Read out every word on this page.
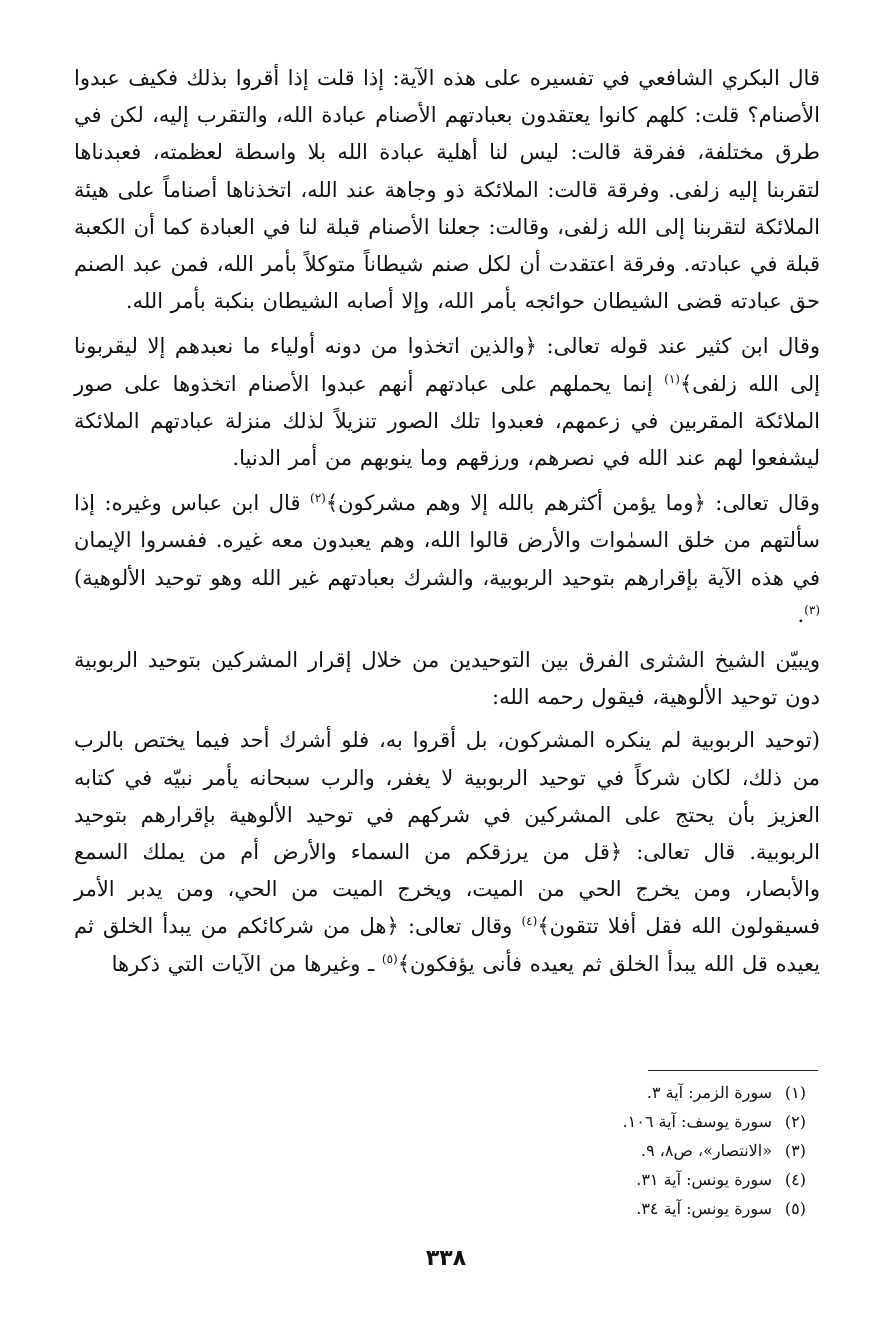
قال البكري الشافعي في تفسيره على هذه الآية: إذا قلت إذا أقروا بذلك فكيف عبدوا الأصنام؟ قلت: كلهم كانوا يعتقدون بعبادتهم الأصنام عبادة الله، والتقرب إليه، لكن في طرق مختلفة، ففرقة قالت: ليس لنا أهلية عبادة الله بلا واسطة لعظمته، فعبدناها لتقربنا إليه زلفى. وفرقة قالت: الملائكة ذو وجاهة عند الله، اتخذناها أصناماً على هيئة الملائكة لتقربنا إلى الله زلفى، وقالت: جعلنا الأصنام قبلة لنا في العبادة كما أن الكعبة قبلة في عبادته. وفرقة اعتقدت أن لكل صنم شيطاناً متوكلاً بأمر الله، فمن عبد الصنم حق عبادته قضى الشيطان حوائجه بأمر الله، وإلا أصابه الشيطان بنكبة بأمر الله.

وقال ابن كثير عند قوله تعالى: ﴿والذين اتخذوا من دونه أولياء ما نعبدهم إلا ليقربونا إلى الله زلفى﴾$^{(١)}$ إنما يحملهم على عبادتهم أنهم عبدوا الأصنام اتخذوها على صور الملائكة المقربين في زعمهم، فعبدوا تلك الصور تنزيلاً لذلك منزلة عبادتهم الملائكة ليشفعوا لهم عند الله في نصرهم، ورزقهم وما ينوبهم من أمر الدنيا.

وقال تعالى: ﴿وما يؤمن أكثرهم بالله إلا وهم مشركون﴾$^{(٢)}$ قال ابن عباس وغيره: إذا سألتهم من خلق السمٰوات والأرض قالوا الله، وهم يعبدون معه غيره. ففسروا الإيمان في هذه الآية بإقرارهم بتوحيد الربوبية، والشرك بعبادتهم غير الله وهو توحيد الألوهية)$^{(٣)}$.

ويبيّن الشيخ الشثرى الفرق بين التوحيدين من خلال إقرار المشركين بتوحيد الربوبية دون توحيد الألوهية، فيقول رحمه الله:

(توحيد الربوبية لم ينكره المشركون، بل أقروا به، فلو أشرك أحد فيما يختص بالرب من ذلك، لكان شركاً في توحيد الربوبية لا يغفر، والرب سبحانه يأمر نبيّه في كتابه العزيز بأن يحتج على المشركين في شركهم في توحيد الألوهية بإقرارهم بتوحيد الربوبية. قال تعالى: ﴿قل من يرزقكم من السماء والأرض أم من يملك السمع والأبصار، ومن يخرج الحي من الميت، ويخرج الميت من الحي، ومن يدبر الأمر فسيقولون الله فقل أفلا تتقون﴾$^{(٤)}$ وقال تعالى: ﴿هل من شركائكم من يبدأ الخلق ثم يعيده قل الله يبدأ الخلق ثم يعيده فأنى يؤفكون﴾$^{(٥)}$ ـ وغيرها من الآيات التي ذكرها

(١)
سورة الزمر: آية ٣.
(٢)
سورة يوسف: آية ١٠٦.
(٣)
«الانتصار»، ص٨، ٩.
(٤)
سورة يونس: آية ٣١.
(٥)
سورة يونس: آية ٣٤.
٣٣٨
